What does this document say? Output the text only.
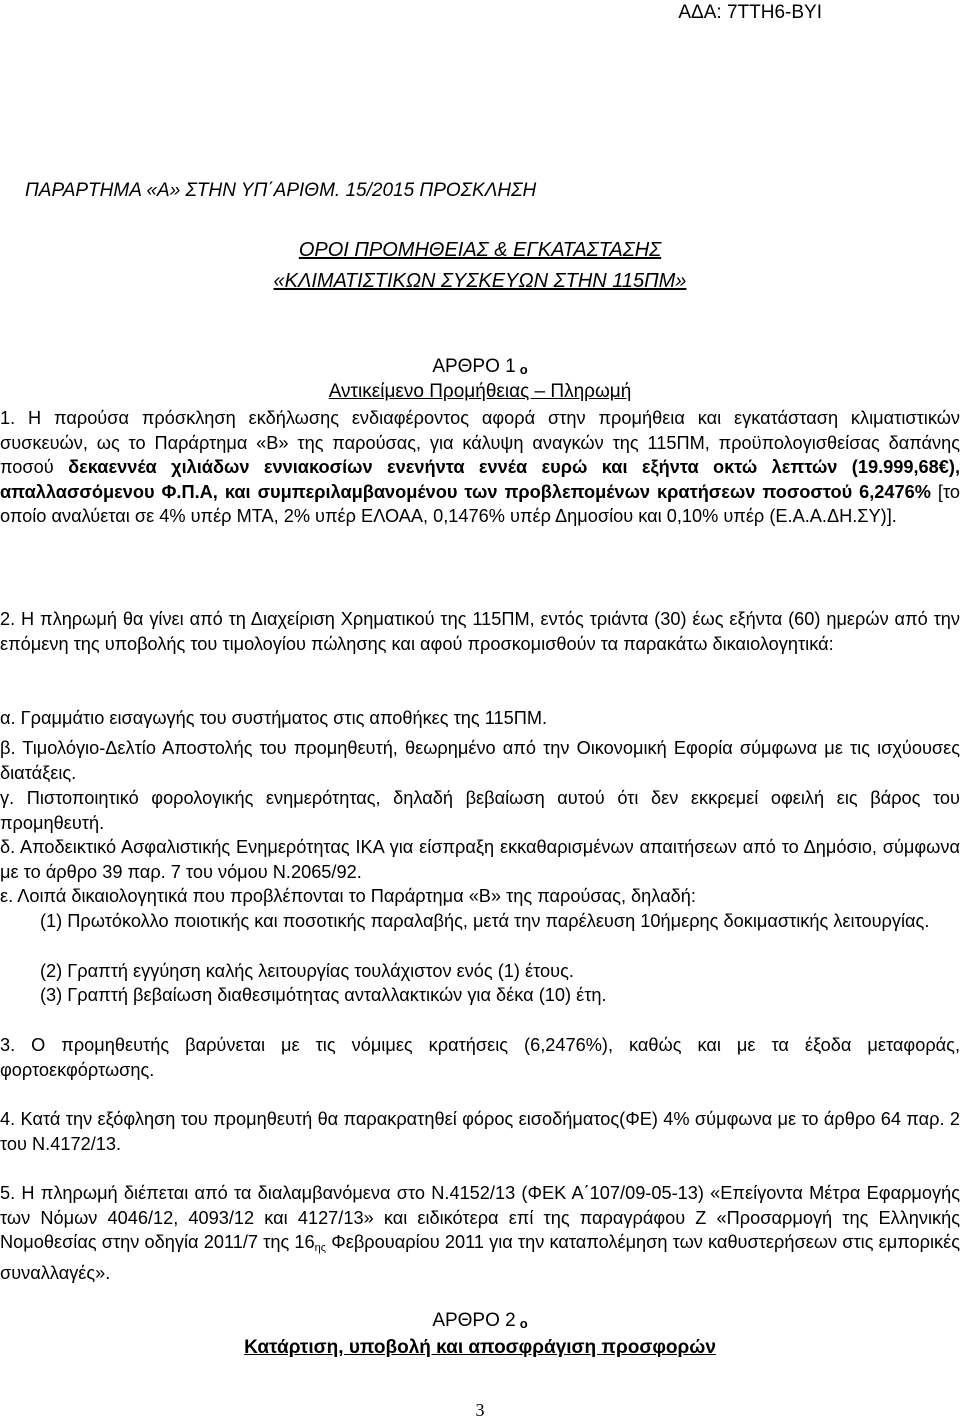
ΑΔΑ: 7ΤΤΗ6-ΒΥΙ
ΠΑΡΑΡΤΗΜΑ «Α» ΣΤΗΝ ΥΠ΄ΑΡΙΘΜ. 15/2015 ΠΡΟΣΚΛΗΣΗ
ΟΡΟΙ ΠΡΟΜΗΘΕΙΑΣ & ΕΓΚΑΤΑΣΤΑΣΗΣ
«ΚΛΙΜΑΤΙΣΤΙΚΩΝ ΣΥΣΚΕΥΩΝ ΣΤΗΝ 115ΠΜ»
ΑΡΘΡΟ 1 ο
Αντικείμενο Προμήθειας – Πληρωμή

1. Η παρούσα πρόσκληση εκδήλωσης ενδιαφέροντος αφορά στην προμήθεια και εγκατάσταση κλιματιστικών συσκευών, ως το Παράρτημα «Β» της παρούσας, για κάλυψη αναγκών της 115ΠΜ, προϋπολογισθείσας δαπάνης ποσού δεκαεννέα χιλιάδων εννιακοσίων ενενήντα εννέα ευρώ και εξήντα οκτώ λεπτών (19.999,68€), απαλλασσόμενου Φ.Π.Α, και συμπεριλαμβανομένου των προβλεπομένων κρατήσεων ποσοστού 6,2476% [το οποίο αναλύεται σε 4% υπέρ ΜΤΑ, 2% υπέρ ΕΛΟΑΑ, 0,1476% υπέρ Δημοσίου και 0,10% υπέρ (Ε.Α.Α.ΔΗ.ΣΥ)].

2. Η πληρωμή θα γίνει από τη Διαχείριση Χρηματικού της 115ΠΜ, εντός τριάντα (30) έως εξήντα (60) ημερών από την επόμενη της υποβολής του τιμολογίου πώλησης και αφού προσκομισθούν τα παρακάτω δικαιολογητικά:
α. Γραμμάτιο εισαγωγής του συστήματος στις αποθήκες της 115ΠΜ.
β. Τιμολόγιο-Δελτίο Αποστολής του προμηθευτή, θεωρημένο από την Οικονομική Εφορία σύμφωνα με τις ισχύουσες διατάξεις.
γ. Πιστοποιητικό φορολογικής ενημερότητας, δηλαδή βεβαίωση αυτού ότι δεν εκκρεμεί οφειλή εις βάρος του προμηθευτή.
δ. Αποδεικτικό Ασφαλιστικής Ενημερότητας ΙΚΑ για είσπραξη εκκαθαρισμένων απαιτήσεων από το Δημόσιο, σύμφωνα με το άρθρο 39 παρ. 7 του νόμου Ν.2065/92.
ε. Λοιπά δικαιολογητικά που προβλέπονται το Παράρτημα «Β» της παρούσας, δηλαδή:

(1) Πρωτόκολλο ποιοτικής και ποσοτικής παραλαβής, μετά την παρέλευση 10ήμερης δοκιμαστικής λειτουργίας.

(2) Γραπτή εγγύηση καλής λειτουργίας τουλάχιστον ενός (1) έτους.
(3) Γραπτή βεβαίωση διαθεσιμότητας ανταλλακτικών για δέκα (10) έτη.
3. Ο προμηθευτής βαρύνεται με τις νόμιμες κρατήσεις (6,2476%), καθώς και με τα έξοδα μεταφοράς, φορτοεκφόρτωσης.
4. Κατά την εξόφληση του προμηθευτή θα παρακρατηθεί φόρος εισοδήματος(ΦΕ) 4% σύμφωνα με το άρθρο 64 παρ. 2 του Ν.4172/13.

5. Η πληρωμή διέπεται από τα διαλαμβανόμενα στο Ν.4152/13 (ΦΕΚ Α΄107/09-05-13) «Επείγοντα Μέτρα Εφαρμογής των Νόμων 4046/12, 4093/12 και 4127/13» και ειδικότερα επί της παραγράφου Ζ «Προσαρμογή της Ελληνικής Νομοθεσίας στην οδηγία 2011/7 της $16_{\eta\varsigma}$ Φεβρουαρίου 2011 για την καταπολέμηση των καθυστερήσεων στις εμπορικές συναλλαγές».

ΑΡΘΡΟ 2 ο
Κατάρτιση, υποβολή και αποσφράγιση προσφορών
3
